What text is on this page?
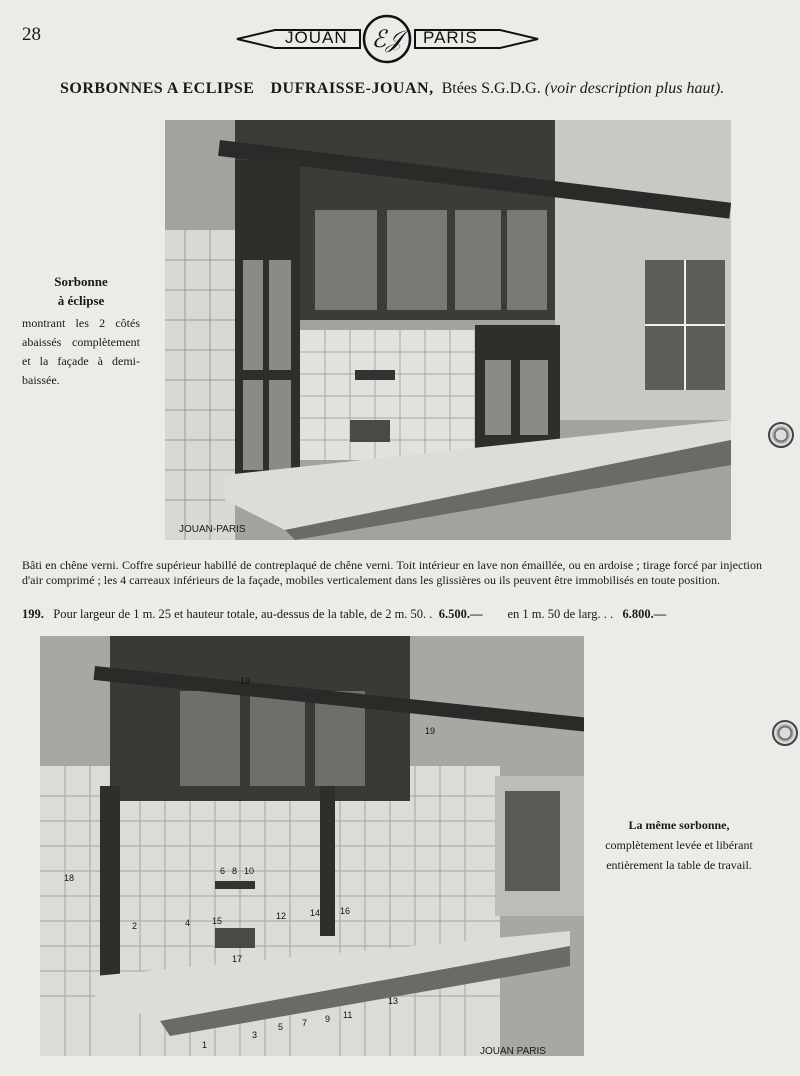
28	ℰ𝒥
JOUAN	PARIS
SORBONNES A ECLIPSE DUFRAISSE-JOUAN, Btées S.G.D.G. (voir description plus haut).
JOUAN-PARIS
Sorbonne
à éclipse
montrant les 2 côtés abaissés complètement et la façade à demi-baissée.
Bâti en chêne verni. Coffre supérieur habillé de contreplaqué de chêne verni. Toit intérieur en lave non émaillée, ou en ardoise ; tirage forcé par injection d'air comprimé ; les 4 carreaux inférieurs de la façade, mobiles verticalement dans les glissières ou ils peuvent être immobilisés en toute position.
199. Pour largeur de 1 m. 25 et hauteur totale, au-dessus de la table, de 2 m. 50. . 6.500.— en 1 m. 50 de larg. . . 6.800.—
JOUAN PARIS
19
19
18
6 8 10
2	4 15	12	14 16
17
13
1
3
5 7 9 11
La même sorbonne,
complètement levée et libérant entièrement la table de travail.
